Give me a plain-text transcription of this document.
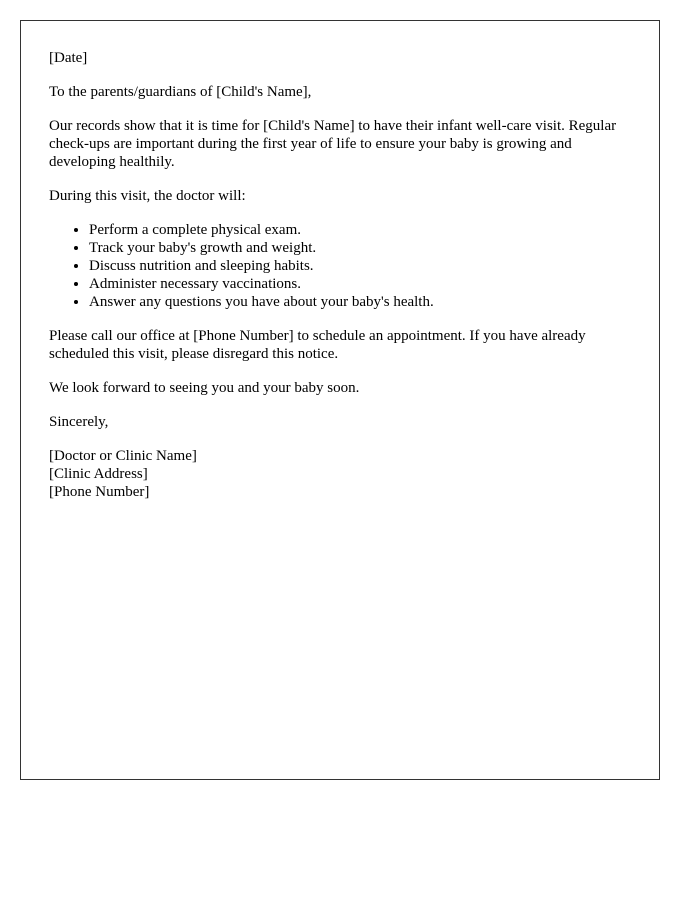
[Date]

To the parents/guardians of [Child's Name],

Our records show that it is time for [Child's Name] to have their infant well-care visit. Regular check-ups are important during the first year of life to ensure your baby is growing and developing healthily.

During this visit, the doctor will:

• Perform a complete physical exam.
• Track your baby's growth and weight.
• Discuss nutrition and sleeping habits.
• Administer necessary vaccinations.
• Answer any questions you have about your baby's health.

Please call our office at [Phone Number] to schedule an appointment. If you have already scheduled this visit, please disregard this notice.

We look forward to seeing you and your baby soon.

Sincerely,

[Doctor or Clinic Name]
[Clinic Address]
[Phone Number]
